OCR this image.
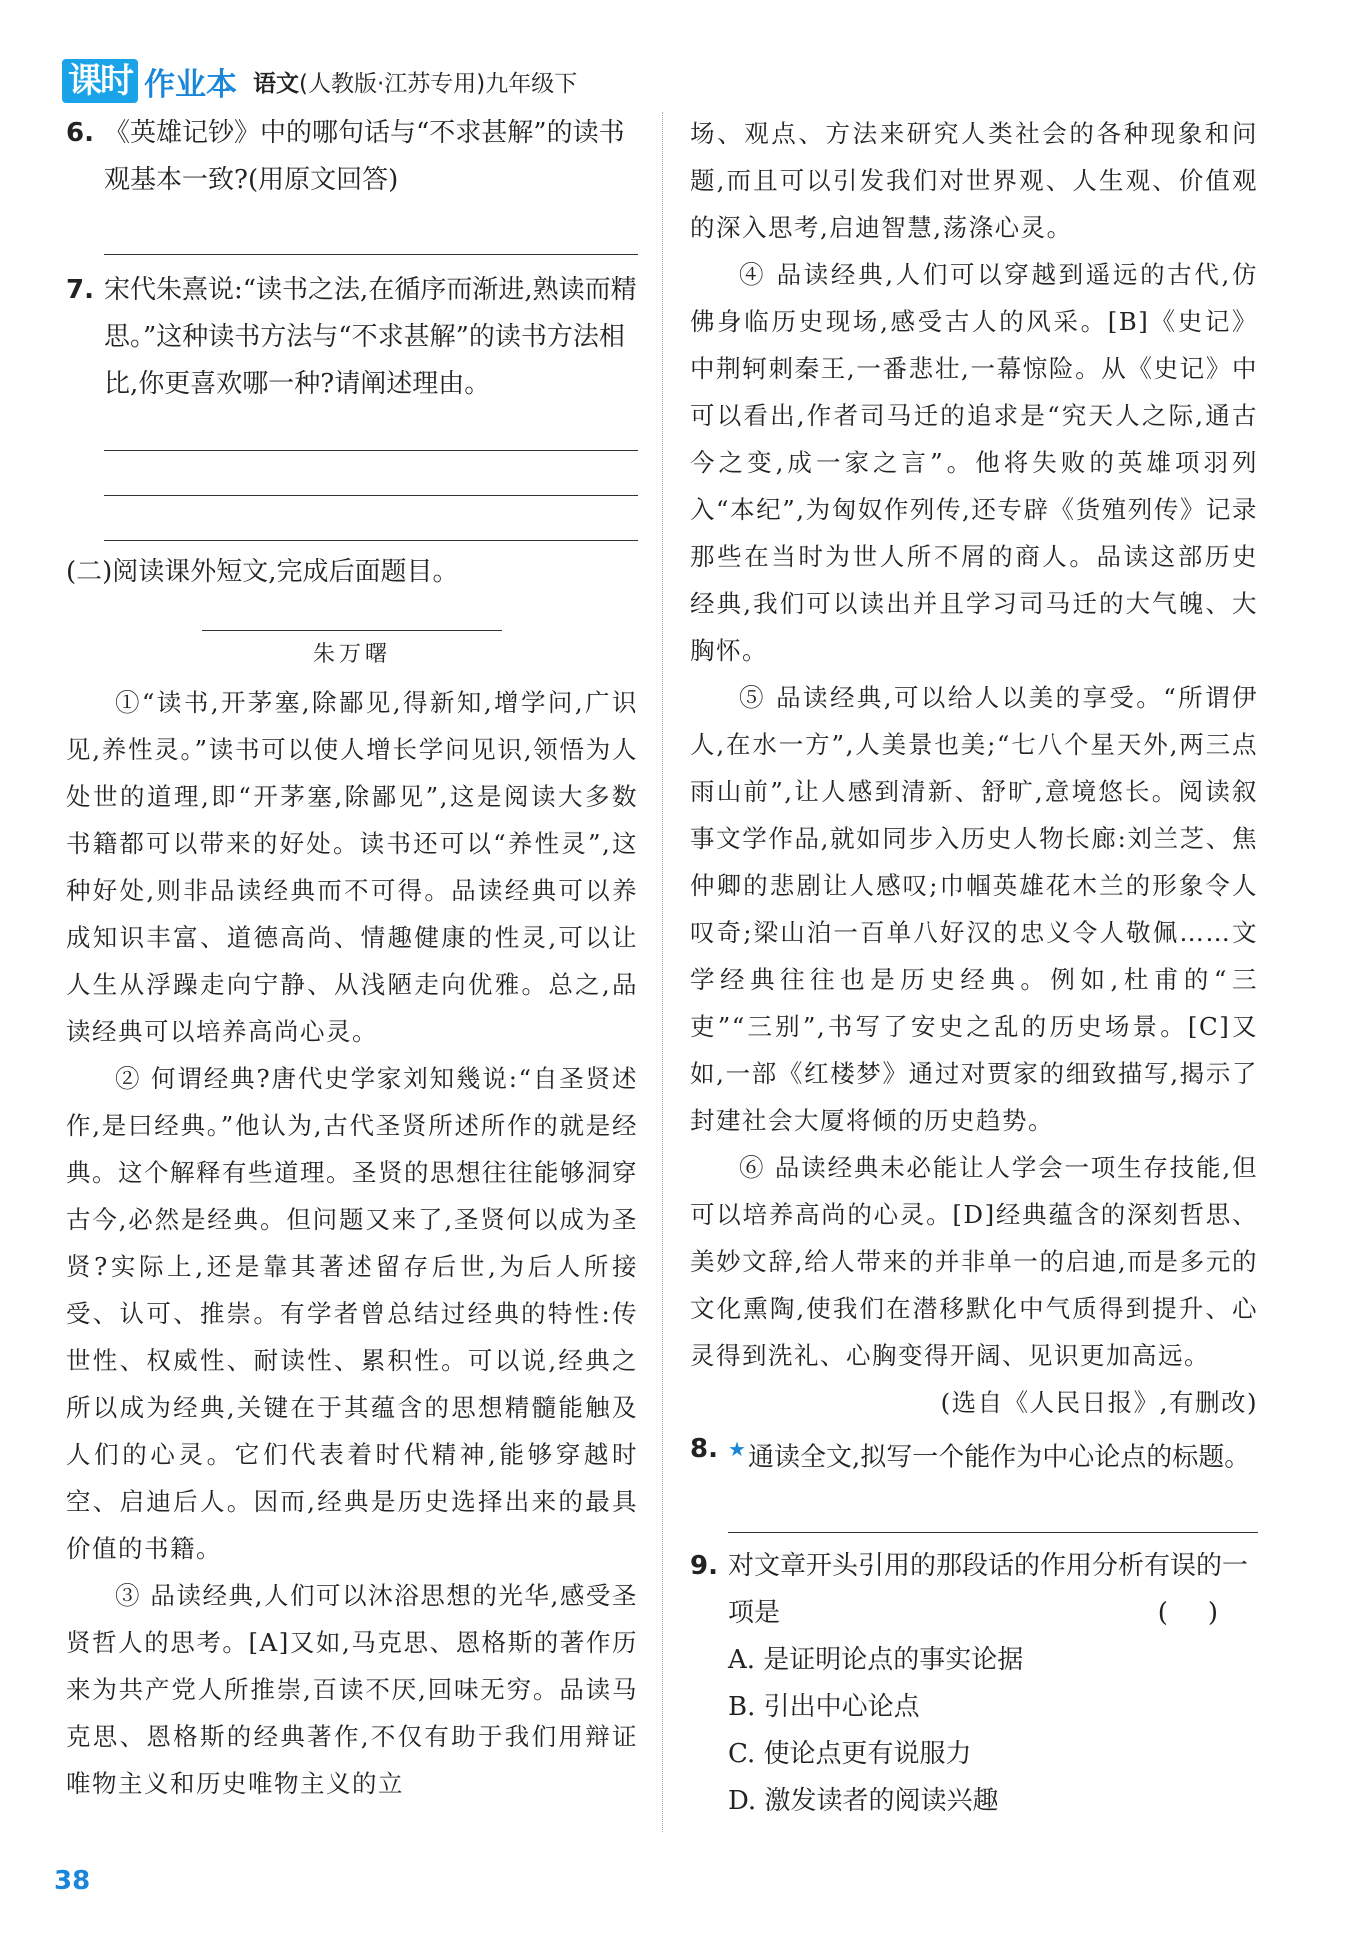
课时 作业本 语文(人教版·江苏专用)九年级下

6. 《英雄记钞》中的哪句话与“不求甚解”的读书观基本一致?(用原文回答)

7. 宋代朱熹说:“读书之法,在循序而渐进,熟读而精思。”这种读书方法与“不求甚解”的读书方法相比,你更喜欢哪一种?请阐述理由。

(二)阅读课外短文,完成后面题目。

朱万曙

①“读书,开茅塞,除鄙见,得新知,增学问,广识见,养性灵。”读书可以使人增长学问见识,领悟为人处世的道理,即“开茅塞,除鄙见”,这是阅读大多数书籍都可以带来的好处。读书还可以“养性灵”,这种好处,则非品读经典而不可得。品读经典可以养成知识丰富、道德高尚、情趣健康的性灵,可以让人生从浮躁走向宁静、从浅陋走向优雅。总之,品读经典可以培养高尚心灵。

② 何谓经典?唐代史学家刘知幾说:“自圣贤述作,是曰经典。”他认为,古代圣贤所述所作的就是经典。这个解释有些道理。圣贤的思想往往能够洞穿古今,必然是经典。但问题又来了,圣贤何以成为圣贤?实际上,还是靠其著述留存后世,为后人所接受、认可、推崇。有学者曾总结过经典的特性:传世性、权威性、耐读性、累积性。可以说,经典之所以成为经典,关键在于其蕴含的思想精髓能触及人们的心灵。它们代表着时代精神,能够穿越时空、启迪后人。因而,经典是历史选择出来的最具价值的书籍。

③ 品读经典,人们可以沐浴思想的光华,感受圣贤哲人的思考。[A]又如,马克思、恩格斯的著作历来为共产党人所推崇,百读不厌,回味无穷。品读马克思、恩格斯的经典著作,不仅有助于我们用辩证唯物主义和历史唯物主义的立

场、观点、方法来研究人类社会的各种现象和问题,而且可以引发我们对世界观、人生观、价值观的深入思考,启迪智慧,荡涤心灵。

④ 品读经典,人们可以穿越到遥远的古代,仿佛身临历史现场,感受古人的风采。[B]《史记》中荆轲刺秦王,一番悲壮,一幕惊险。从《史记》中可以看出,作者司马迁的追求是“究天人之际,通古今之变,成一家之言”。他将失败的英雄项羽列入“本纪”,为匈奴作列传,还专辟《货殖列传》记录那些在当时为世人所不屑的商人。品读这部历史经典,我们可以读出并且学习司马迁的大气魄、大胸怀。

⑤ 品读经典,可以给人以美的享受。“所谓伊人,在水一方”,人美景也美;“七八个星天外,两三点雨山前”,让人感到清新、舒旷,意境悠长。阅读叙事文学作品,就如同步入历史人物长廊:刘兰芝、焦仲卿的悲剧让人感叹;巾帼英雄花木兰的形象令人叹奇;梁山泊一百单八好汉的忠义令人敬佩……文学经典往往也是历史经典。例如,杜甫的“三吏”“三别”,书写了安史之乱的历史场景。[C]又如,一部《红楼梦》通过对贾家的细致描写,揭示了封建社会大厦将倾的历史趋势。

⑥ 品读经典未必能让人学会一项生存技能,但可以培养高尚的心灵。[D]经典蕴含的深刻哲思、美妙文辞,给人带来的并非单一的启迪,而是多元的文化熏陶,使我们在潜移默化中气质得到提升、心灵得到洗礼、心胸变得开阔、见识更加高远。

(选自《人民日报》,有删改)

8. ★通读全文,拟写一个能作为中心论点的标题。

9. 对文章开头引用的那段话的作用分析有误的一项是	()

A. 是证明论点的事实论据
B. 引出中心论点
C. 使论点更有说服力
D. 激发读者的阅读兴趣
38
